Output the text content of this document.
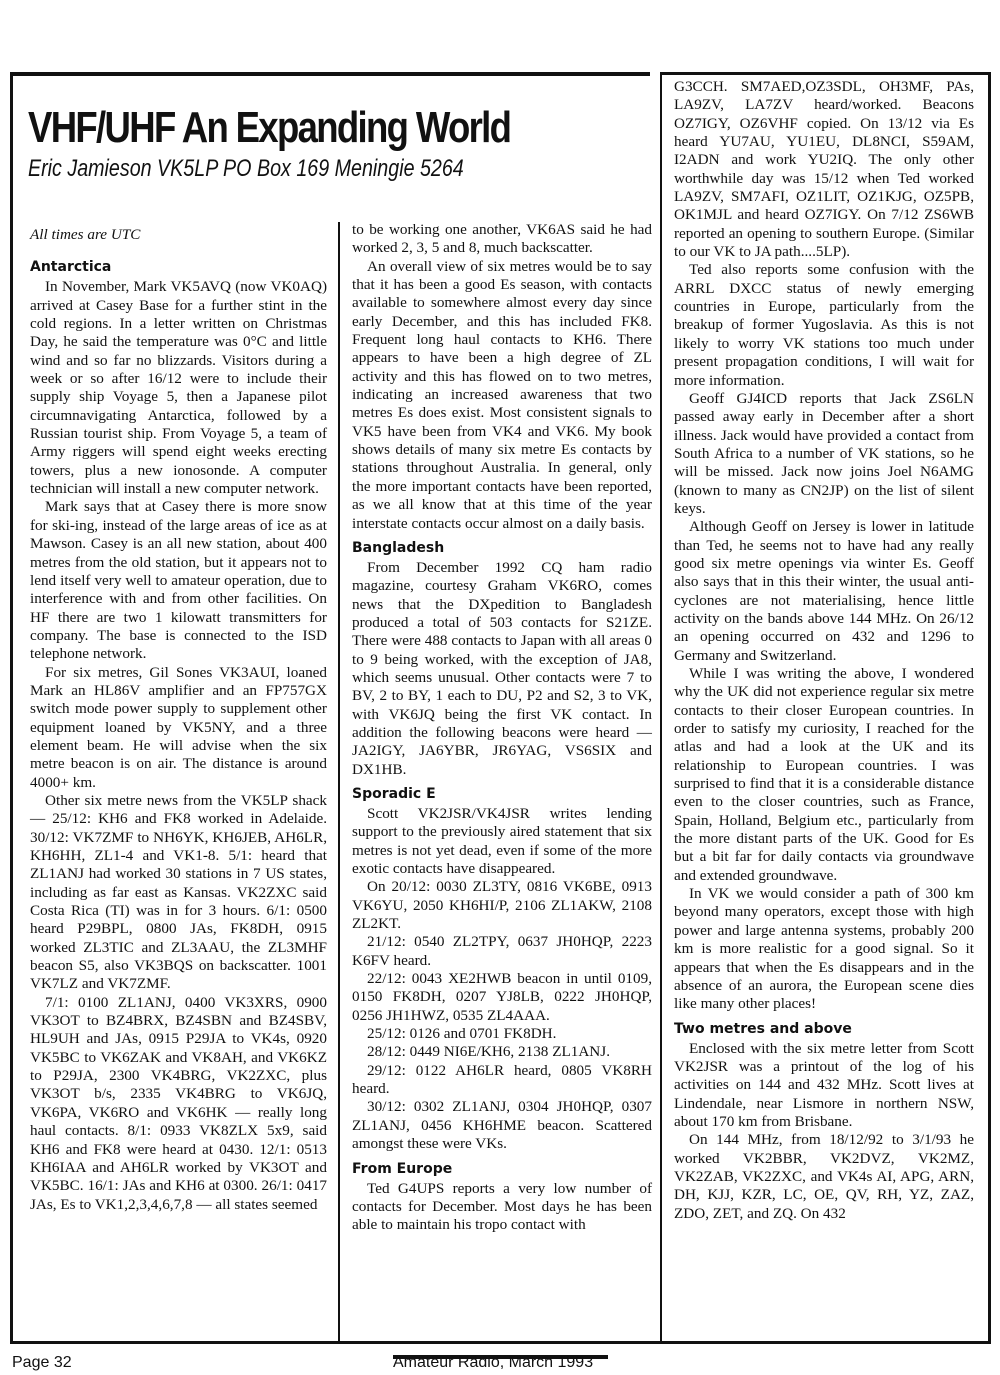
VHF/UHF An Expanding World
Eric Jamieson VK5LP PO Box 169 Meningie 5264

All times are UTC

Antarctica

In November, Mark VK5AVQ (now VK0AQ) arrived at Casey Base for a further stint in the cold regions. In a letter written on Christmas Day, he said the temperature was 0°C and little wind and so far no blizzards. Visitors during a week or so after 16/12 were to include their supply ship Voyage 5, then a Japanese pilot circumnavigating Antarctica, followed by a Russian tourist ship. From Voyage 5, a team of Army riggers will spend eight weeks erecting towers, plus a new ionosonde. A computer technician will install a new computer network.

Mark says that at Casey there is more snow for ski-ing, instead of the large areas of ice as at Mawson. Casey is an all new station, about 400 metres from the old station, but it appears not to lend itself very well to amateur operation, due to interference with and from other facilities. On HF there are two 1 kilowatt transmitters for company. The base is connected to the ISD telephone network.

For six metres, Gil Sones VK3AUI, loaned Mark an HL86V amplifier and an FP757GX switch mode power supply to supplement other equipment loaned by VK5NY, and a three element beam. He will advise when the six metre beacon is on air. The distance is around 4000+ km.

Other six metre news from the VK5LP shack — 25/12: KH6 and FK8 worked in Adelaide. 30/12: VK7ZMF to NH6YK, KH6JEB, AH6LR, KH6HH, ZL1-4 and VK1-8. 5/1: heard that ZL1ANJ had worked 30 stations in 7 US states, including as far east as Kansas. VK2ZXC said Costa Rica (TI) was in for 3 hours. 6/1: 0500 heard P29BPL, 0800 JAs, FK8DH, 0915 worked ZL3TIC and ZL3AAU, the ZL3MHF beacon S5, also VK3BQS on backscatter. 1001 VK7LZ and VK7ZMF.

7/1: 0100 ZL1ANJ, 0400 VK3XRS, 0900 VK3OT to BZ4BRX, BZ4SBN and BZ4SBV, HL9UH and JAs, 0915 P29JA to VK4s, 0920 VK5BC to VK6ZAK and VK8AH, and VK6KZ to P29JA, 2300 VK4BRG, VK2ZXC, plus VK3OT b/s, 2335 VK4BRG to VK6JQ, VK6PA, VK6RO and VK6HK — really long haul contacts. 8/1: 0933 VK8ZLX 5x9, said KH6 and FK8 were heard at 0430. 12/1: 0513 KH6IAA and AH6LR worked by VK3OT and VK5BC. 16/1: JAs and KH6 at 0300. 26/1: 0417 JAs, Es to VK1,2,3,4,6,7,8 — all states seemed

to be working one another, VK6AS said he had worked 2, 3, 5 and 8, much backscatter.

An overall view of six metres would be to say that it has been a good Es season, with contacts available to somewhere almost every day since early December, and this has included FK8. Frequent long haul contacts to KH6. There appears to have been a high degree of ZL activity and this has flowed on to two metres, indicating an increased awareness that two metres Es does exist. Most consistent signals to VK5 have been from VK4 and VK6. My book shows details of many six metre Es contacts by stations throughout Australia. In general, only the more important contacts have been reported, as we all know that at this time of the year interstate contacts occur almost on a daily basis.

Bangladesh

From December 1992 CQ ham radio magazine, courtesy Graham VK6RO, comes news that the DXpedition to Bangladesh produced a total of 503 contacts for S21ZE. There were 488 contacts to Japan with all areas 0 to 9 being worked, with the exception of JA8, which seems unusual. Other contacts were 7 to BV, 2 to BY, 1 each to DU, P2 and S2, 3 to VK, with VK6JQ being the first VK contact. In addition the following beacons were heard — JA2IGY, JA6YBR, JR6YAG, VS6SIX and DX1HB.

Sporadic E

Scott VK2JSR/VK4JSR writes lending support to the previously aired statement that six metres is not yet dead, even if some of the more exotic contacts have disappeared.

On 20/12: 0030 ZL3TY, 0816 VK6BE, 0913 VK6YU, 2050 KH6HI/P, 2106 ZL1AKW, 2108 ZL2KT.

21/12: 0540 ZL2TPY, 0637 JH0HQP, 2223 K6FV heard.

22/12: 0043 XE2HWB beacon in until 0109, 0150 FK8DH, 0207 YJ8LB, 0222 JH0HQP, 0256 JH1HWZ, 0535 ZL4AAA.

25/12: 0126 and 0701 FK8DH.

28/12: 0449 NI6E/KH6, 2138 ZL1ANJ.

29/12: 0122 AH6LR heard, 0805 VK8RH heard.

30/12: 0302 ZL1ANJ, 0304 JH0HQP, 0307 ZL1ANJ, 0456 KH6HME beacon. Scattered amongst these were VKs.

From Europe

Ted G4UPS reports a very low number of contacts for December. Most days he has been able to maintain his tropo contact with

G3CCH. SM7AED,OZ3SDL, OH3MF, PAs, LA9ZV, LA7ZV heard/worked. Beacons OZ7IGY, OZ6VHF copied. On 13/12 via Es heard YU7AU, YU1EU, DL8NCI, S59AM, I2ADN and work YU2IQ. The only other worthwhile day was 15/12 when Ted worked LA9ZV, SM7AFI, OZ1LIT, OZ1KJG, OZ5PB, OK1MJL and heard OZ7IGY. On 7/12 ZS6WB reported an opening to southern Europe. (Similar to our VK to JA path....5LP).

Ted also reports some confusion with the ARRL DXCC status of newly emerging countries in Europe, particularly from the breakup of former Yugoslavia. As this is not likely to worry VK stations too much under present propagation conditions, I will wait for more information.

Geoff GJ4ICD reports that Jack ZS6LN passed away early in December after a short illness. Jack would have provided a contact from South Africa to a number of VK stations, so he will be missed. Jack now joins Joel N6AMG (known to many as CN2JP) on the list of silent keys.

Although Geoff on Jersey is lower in latitude than Ted, he seems not to have had any really good six metre openings via winter Es. Geoff also says that in this their winter, the usual anti-cyclones are not materialising, hence little activity on the bands above 144 MHz. On 26/12 an opening occurred on 432 and 1296 to Germany and Switzerland.

While I was writing the above, I wondered why the UK did not experience regular six metre contacts to their closer European countries. In order to satisfy my curiosity, I reached for the atlas and had a look at the UK and its relationship to European countries. I was surprised to find that it is a considerable distance even to the closer countries, such as France, Spain, Holland, Belgium etc., particularly from the more distant parts of the UK. Good for Es but a bit far for daily contacts via groundwave and extended groundwave.

In VK we would consider a path of 300 km beyond many operators, except those with high power and large antenna systems, probably 200 km is more realistic for a good signal. So it appears that when the Es disappears and in the absence of an aurora, the European scene dies like many other places!

Two metres and above

Enclosed with the six metre letter from Scott VK2JSR was a printout of the log of his activities on 144 and 432 MHz. Scott lives at Lindendale, near Lismore in northern NSW, about 170 km from Brisbane.

On 144 MHz, from 18/12/92 to 3/1/93 he worked VK2BBR, VK2DVZ, VK2MZ, VK2ZAB, VK2ZXC, and VK4s AI, APG, ARN, DH, KJJ, KZR, LC, OE, QV, RH, YZ, ZAZ, ZDO, ZET, and ZQ. On 432

Page 32	Amateur Radio, March 1993
